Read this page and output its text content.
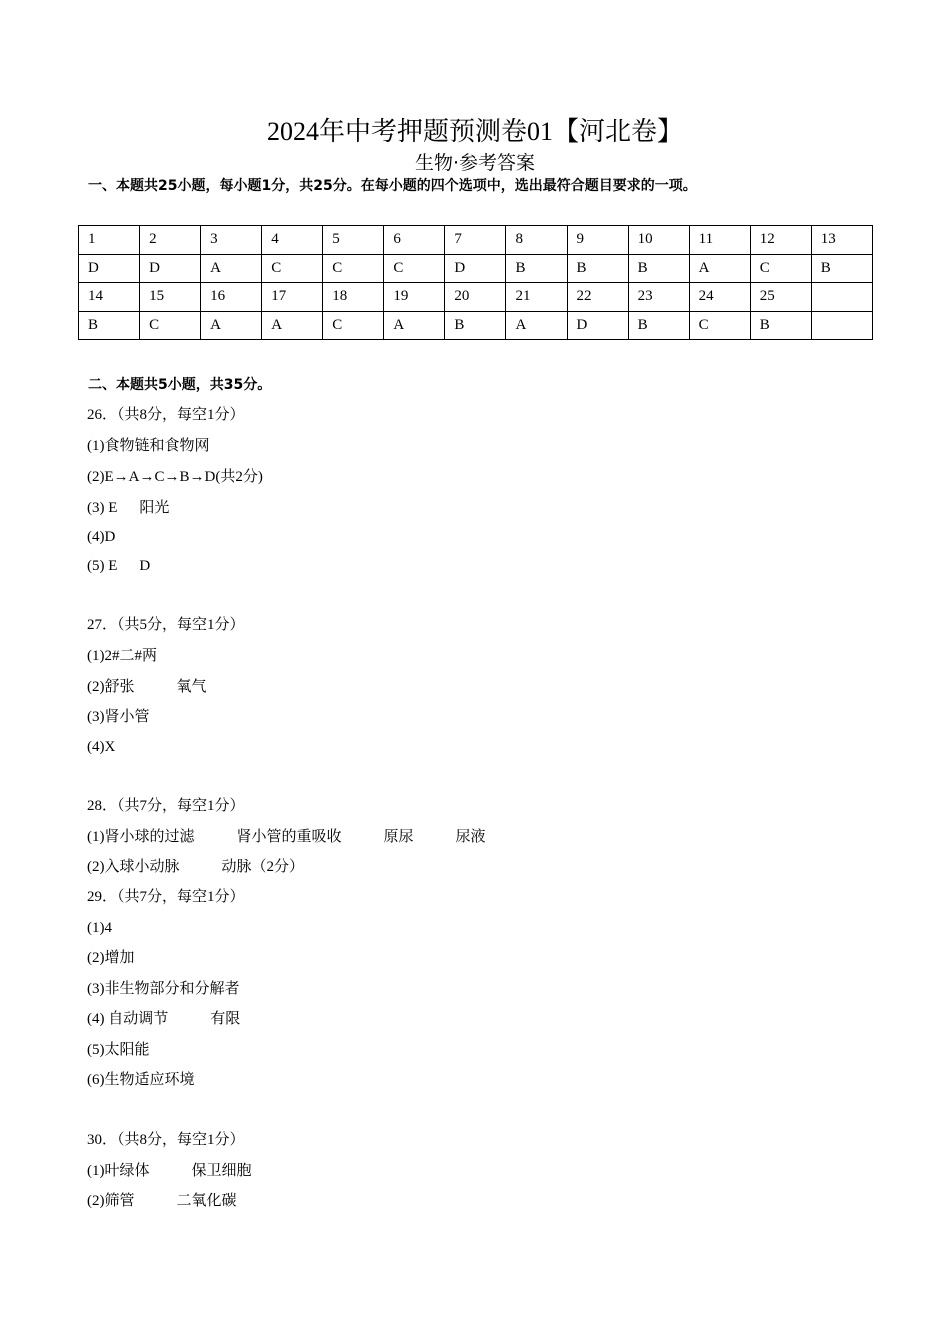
2024年中考押题预测卷01【河北卷】
生物·参考答案
一、本题共25小题，每小题1分，共25分。在每小题的四个选项中，选出最符合题目要求的一项。
1	2	3	4	5	6	7	8	9	10	11	12	13
D	D	A	C	C	C	D	B	B	B	A	C	B
14	15	16	17	18	19	20	21	22	23	24	25	
B	C	A	A	C	A	B	A	D	B	C	B	
二、本题共5小题，共35分。
26．（共8分，每空1分）
(1)食物链和食物网
(2)E→A→C→B→D(共2分)
(3) E 阳光
(4)D
(5) E D
27．（共5分，每空1分）
(1)2#二#两
(2)舒张	氧气
(3)肾小管
(4)X
28．（共7分，每空1分）
(1)肾小球的过滤	肾小管的重吸收	原尿	尿液
(2)入球小动脉	动脉（2分）
29．（共7分，每空1分）
(1)4
(2)增加
(3)非生物部分和分解者
(4) 自动调节	有限
(5)太阳能
(6)生物适应环境
30．（共8分，每空1分）
(1)叶绿体	保卫细胞
(2)筛管	二氧化碳
